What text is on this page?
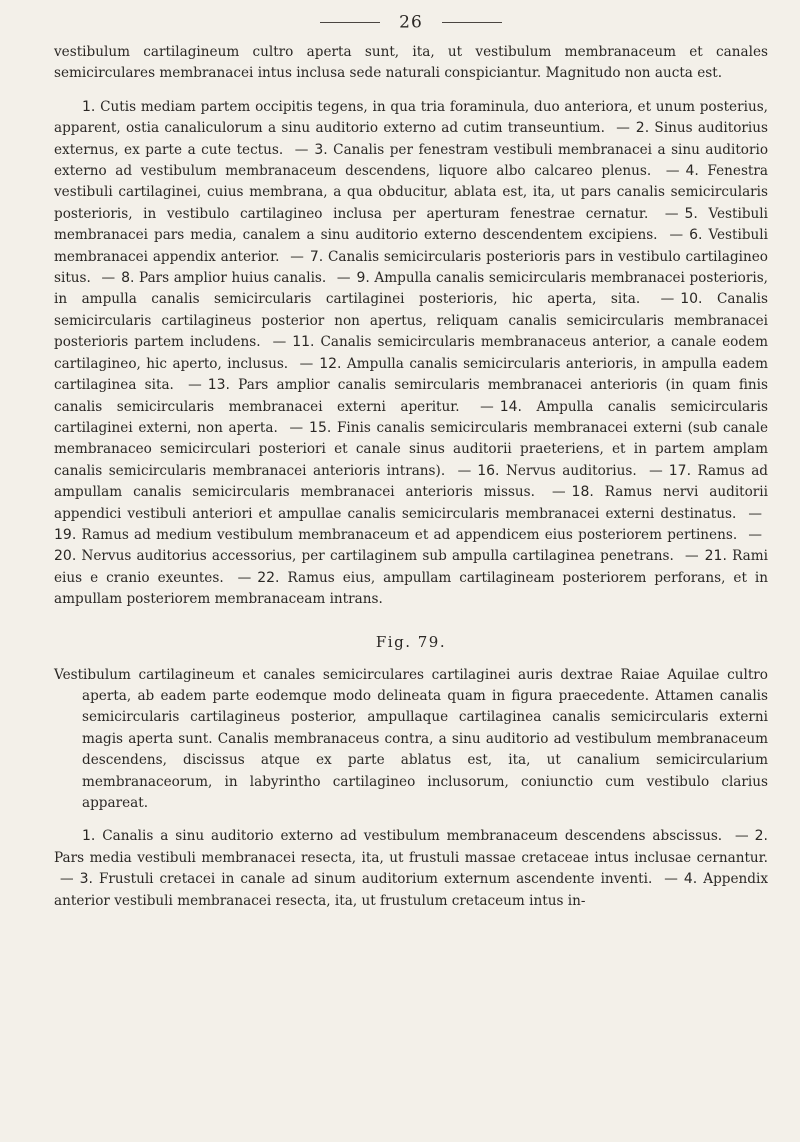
26

vestibulum cartilagineum cultro aperta sunt, ita, ut vestibulum membranaceum et canales semicirculares membranacei intus inclusa sede naturali conspiciantur. Magnitudo non aucta est.

1. Cutis mediam partem occipitis tegens, in qua tria foraminula, duo anteriora, et unum posterius, apparent, ostia canaliculorum a sinu auditorio externo ad cutim transeuntium. — 2. Sinus auditorius externus, ex parte a cute tectus. — 3. Canalis per fenestram vestibuli membranacei a sinu auditorio externo ad vestibulum membranaceum descendens, liquore albo calcareo plenus. — 4. Fenestra vestibuli cartilaginei, cuius membrana, a qua obducitur, ablata est, ita, ut pars canalis semicircularis posterioris, in vestibulo cartilagineo inclusa per aperturam fenestrae cernatur. — 5. Vestibuli membranacei pars media, canalem a sinu auditorio externo descendentem excipiens. — 6. Vestibuli membranacei appendix anterior. — 7. Canalis semicircularis posterioris pars in vestibulo cartilagineo situs. — 8. Pars amplior huius canalis. — 9. Ampulla canalis semicircularis membranacei posterioris, in ampulla canalis semicircularis cartilaginei posterioris, hic aperta, sita. — 10. Canalis semicircularis cartilagineus posterior non apertus, reliquam canalis semicircularis membranacei posterioris partem includens. — 11. Canalis semicircularis membranaceus anterior, a canale eodem cartilagineo, hic aperto, inclusus. — 12. Ampulla canalis semicircularis anterioris, in ampulla eadem cartilaginea sita. — 13. Pars amplior canalis semircularis membranacei anterioris (in quam finis canalis semicircularis membranacei externi aperitur. — 14. Ampulla canalis semicircularis cartilaginei externi, non aperta. — 15. Finis canalis semicircularis membranacei externi (sub canale membranaceo semicirculari posteriori et canale sinus auditorii praeteriens, et in partem amplam canalis semicircularis membranacei anterioris intrans). — 16. Nervus auditorius. — 17. Ramus ad ampullam canalis semicircularis membranacei anterioris missus. — 18. Ramus nervi auditorii appendici vestibuli anteriori et ampullae canalis semicircularis membranacei externi destinatus. —19. Ramus ad medium vestibulum membranaceum et ad appendicem eius posteriorem pertinens. —20. Nervus auditorius accessorius, per cartilaginem sub ampulla cartilaginea penetrans. — 21. Rami eius e cranio exeuntes. — 22. Ramus eius, ampullam cartilagineam posteriorem perforans, et in ampullam posteriorem membranaceam intrans.

Fig. 79.

Vestibulum cartilagineum et canales semicirculares cartilaginei auris dextrae Raiae Aquilae cultro aperta, ab eadem parte eodemque modo delineata quam in figura praecedente. Attamen canalis semicircularis cartilagineus posterior, ampullaque cartilaginea canalis semicircularis externi magis aperta sunt. Canalis membranaceus contra, a sinu auditorio ad vestibulum membranaceum descendens, discissus atque ex parte ablatus est, ita, ut canalium semicircularium membranaceorum, in labyrintho cartilagineo inclusorum, coniunctio cum vestibulo clarius appareat.

1. Canalis a sinu auditorio externo ad vestibulum membranaceum descendens abscissus. — 2. Pars media vestibuli membranacei resecta, ita, ut frustuli massae cretaceae intus inclusae cernantur. — 3. Frustuli cretacei in canale ad sinum auditorium externum ascendente inventi. — 4. Appendix anterior vestibuli membranacei resecta, ita, ut frustulum cretaceum intus in-
